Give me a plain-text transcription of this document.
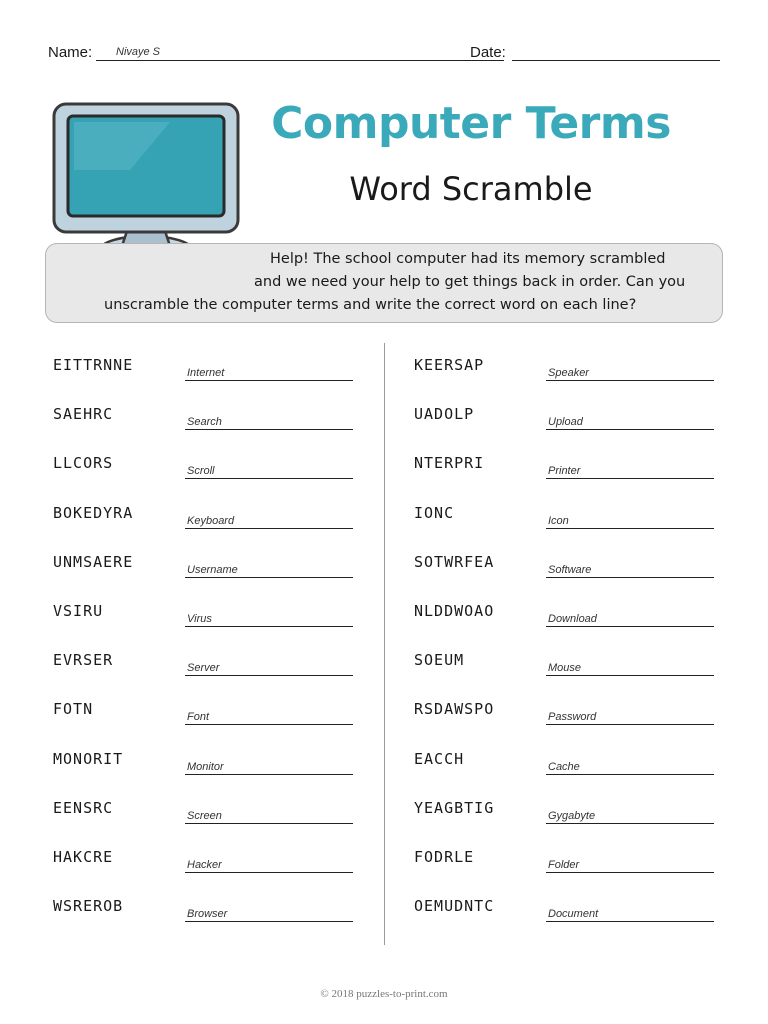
Name: Nivaye S	Date:
Computer Terms
Word Scramble
Help! The school computer had its memory scrambled
and we need your help to get things back in order. Can you
unscramble the computer terms and write the correct word on each line?
EITTRNNE	Internet
SAEHRC	Search
LLCORS	Scroll
BOKEDYRA	Keyboard
UNMSAERE	Username
VSIRU	Virus
EVRSER	Server
FOTN	Font
MONORIT	Monitor
EENSRC	Screen
HAKCRE	Hacker
WSREROB	Browser
KEERSAP	Speaker
UADOLP	Upload
NTERPRI	Printer
IONC	Icon
SOTWRFEA	Software
NLDDWOAO	Download
SOEUM	Mouse
RSDAWSPO	Password
EACCH	Cache
YEAGBTIG	Gygabyte
FODRLE	Folder
OEMUDNTC	Document
© 2018 puzzles-to-print.com
